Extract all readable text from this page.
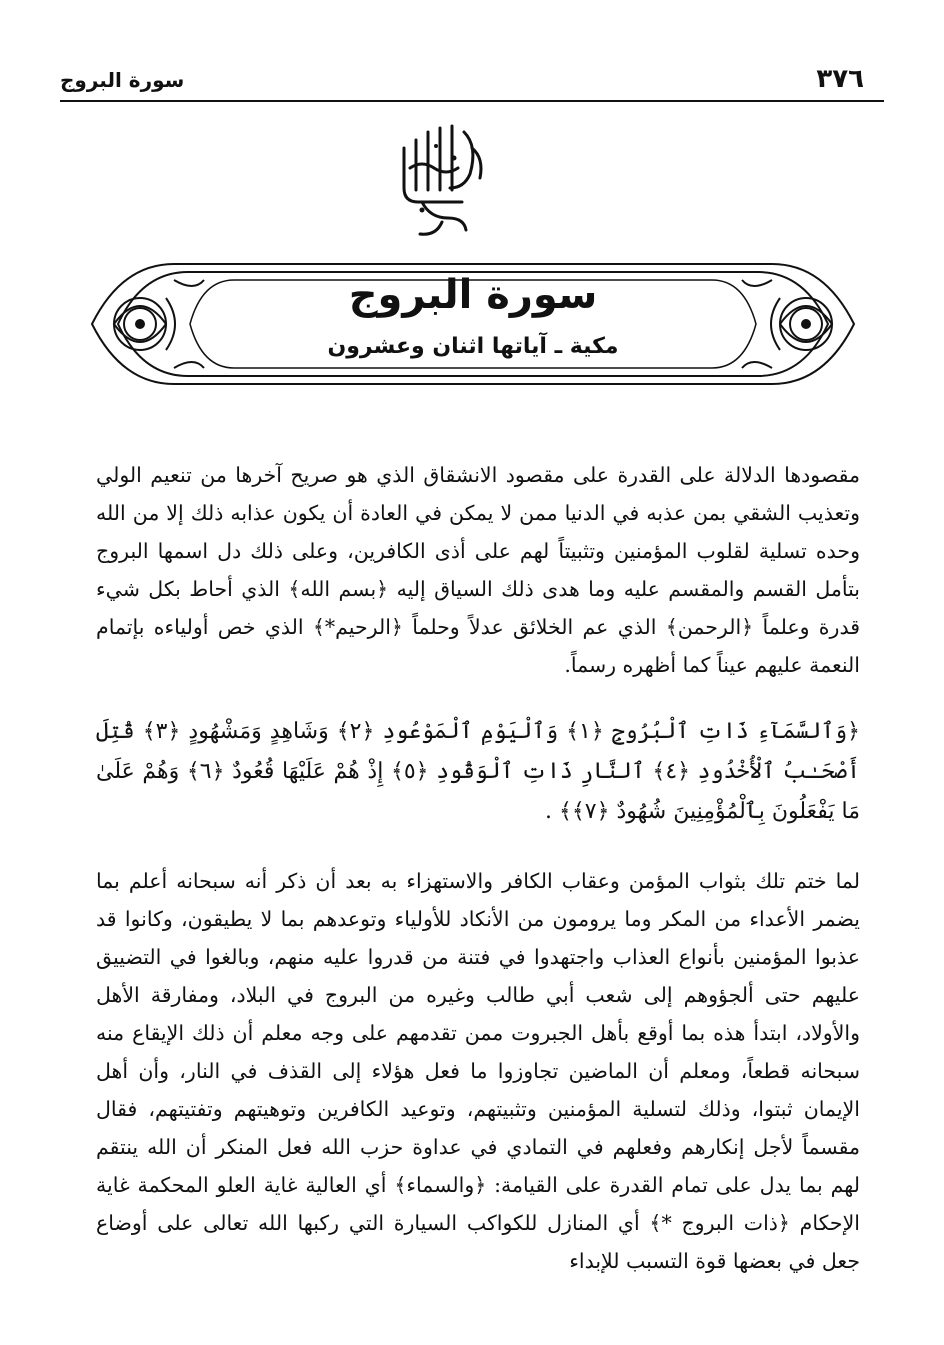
٣٧٦
سورة البروج
سورة البروج
مكية ـ آياتها اثنان وعشرون

مقصودها الدلالة على القدرة على مقصود الانشقاق الذي هو صريح آخرها من تنعيم الولي وتعذيب الشقي بمن عذبه في الدنيا ممن لا يمكن في العادة أن يكون عذابه ذلك إلا من الله وحده تسلية لقلوب المؤمنين وتثبيتاً لهم على أذى الكافرين، وعلى ذلك دل اسمها البروج بتأمل القسم والمقسم عليه وما هدى ذلك السياق إليه ﴿بسم الله﴾ الذي أحاط بكل شيء قدرة وعلماً ﴿الرحمن﴾ الذي عم الخلائق عدلاً وحلماً ﴿الرحيم*﴾ الذي خص أولياءه بإتمام النعمة عليهم عيناً كما أظهره رسماً.

﴿وَٱلسَّمَآءِ ذَاتِ ٱلْبُرُوجِ ﴿١﴾ وَٱلْيَوْمِ ٱلْمَوْعُودِ ﴿٢﴾ وَشَاهِدٍ وَمَشْهُودٍ ﴿٣﴾ قُتِلَ أَصْحَـٰبُ ٱلْأُخْدُودِ ﴿٤﴾ ٱلنَّارِ ذَاتِ ٱلْوَقُودِ ﴿٥﴾ إِذْ هُمْ عَلَيْهَا قُعُودٌ ﴿٦﴾ وَهُمْ عَلَىٰ مَا يَفْعَلُونَ بِٱلْمُؤْمِنِينَ شُهُودٌ ﴿٧﴾﴾ .

لما ختم تلك بثواب المؤمن وعقاب الكافر والاستهزاء به بعد أن ذكر أنه سبحانه أعلم بما يضمر الأعداء من المكر وما يرومون من الأنكاد للأولياء وتوعدهم بما لا يطيقون، وكانوا قد عذبوا المؤمنين بأنواع العذاب واجتهدوا في فتنة من قدروا عليه منهم، وبالغوا في التضييق عليهم حتى ألجؤوهم إلى شعب أبي طالب وغيره من البروج في البلاد، ومفارقة الأهل والأولاد، ابتدأ هذه بما أوقع بأهل الجبروت ممن تقدمهم على وجه معلم أن ذلك الإيقاع منه سبحانه قطعاً، ومعلم أن الماضين تجاوزوا ما فعل هؤلاء إلى القذف في النار، وأن أهل الإيمان ثبتوا، وذلك لتسلية المؤمنين وتثبيتهم، وتوعيد الكافرين وتوهيتهم وتفتيتهم، فقال مقسماً لأجل إنكارهم وفعلهم في التمادي في عداوة حزب الله فعل المنكر أن الله ينتقم لهم بما يدل على تمام القدرة على القيامة: ﴿والسماء﴾ أي العالية غاية العلو المحكمة غاية الإحكام ﴿ذات البروج *﴾ أي المنازل للكواكب السيارة التي ركبها الله تعالى على أوضاع جعل في بعضها قوة التسبب للإبداء
